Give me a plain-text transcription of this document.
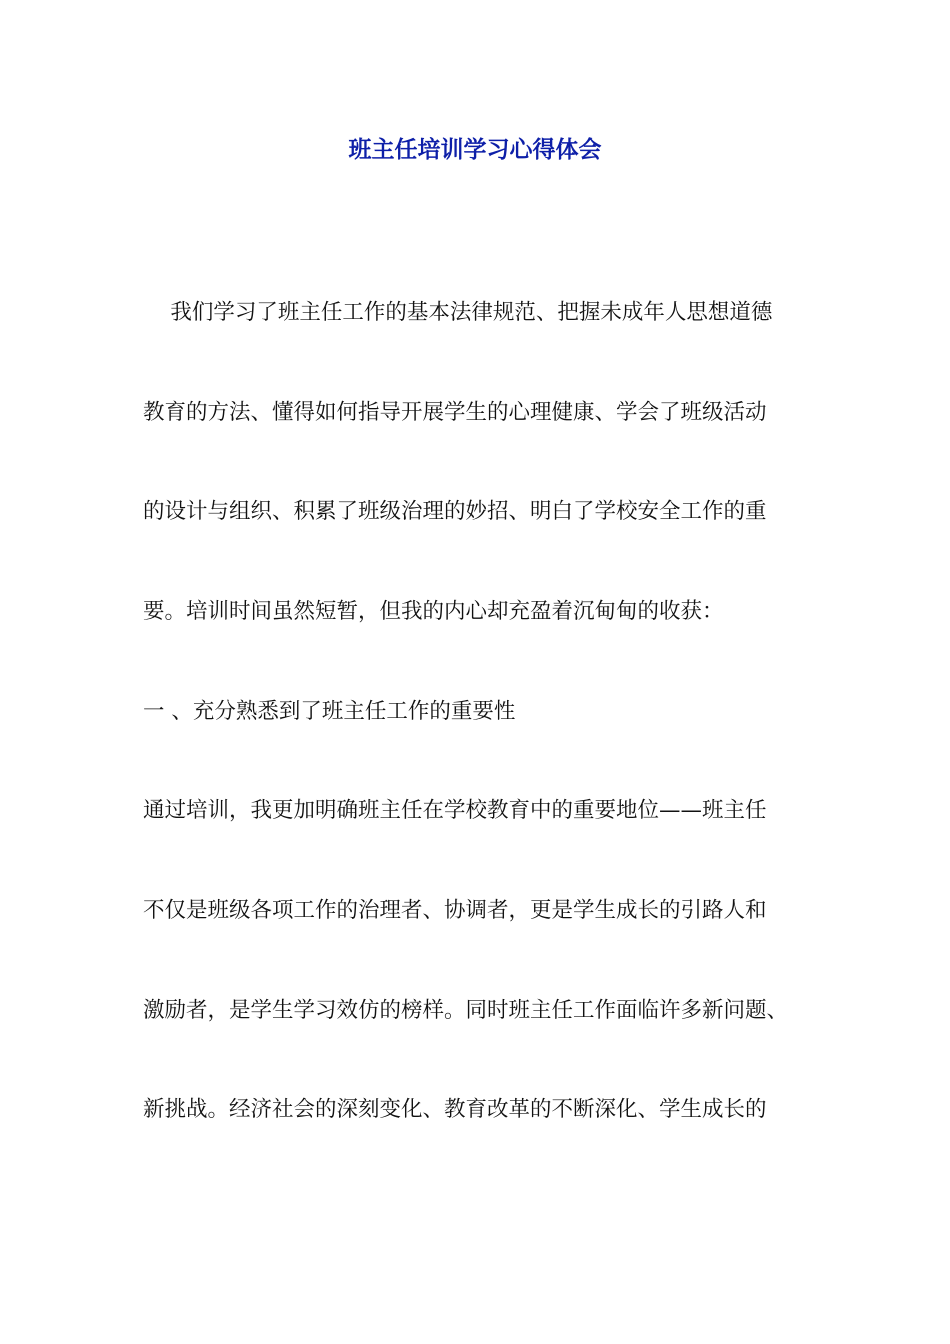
班主任培训学习心得体会
我们学习了班主任工作的基本法律规范、把握未成年人思想道德
教育的方法、懂得如何指导开展学生的心理健康、学会了班级活动
的设计与组织、积累了班级治理的妙招、明白了学校安全工作的重
要。培训时间虽然短暂，但我的内心却充盈着沉甸甸的收获：
一 、充分熟悉到了班主任工作的重要性
通过培训，我更加明确班主任在学校教育中的重要地位——班主任
不仅是班级各项工作的治理者、协调者，更是学生成长的引路人和
激励者，是学生学习效仿的榜样。同时班主任工作面临许多新问题、
新挑战。经济社会的深刻变化、教育改革的不断深化、学生成长的
